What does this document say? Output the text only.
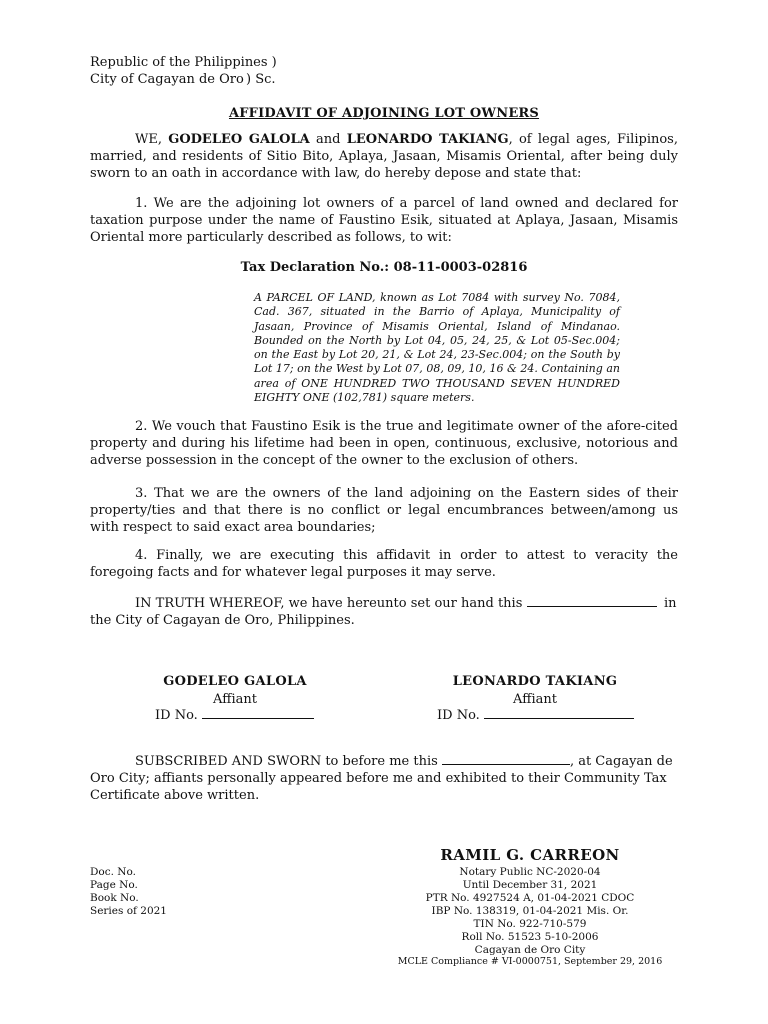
Republic of the Philippines )
City of Cagayan de Oro ) Sc.
AFFIDAVIT OF ADJOINING LOT OWNERS
WE, GODELEO GALOLA and LEONARDO TAKIANG, of legal ages, Filipinos, married, and residents of Sitio Bito, Aplaya, Jasaan, Misamis Oriental, after being duly sworn to an oath in accordance with law, do hereby depose and state that:
1. We are the adjoining lot owners of a parcel of land owned and declared for taxation purpose under the name of Faustino Esik, situated at Aplaya, Jasaan, Misamis Oriental more particularly described as follows, to wit:
Tax Declaration No.: 08-11-0003-02816
A PARCEL OF LAND, known as Lot 7084 with survey No. 7084, Cad. 367, situated in the Barrio of Aplaya, Municipality of Jasaan, Province of Misamis Oriental, Island of Mindanao. Bounded on the North by Lot 04, 05, 24, 25, & Lot 05-Sec.004; on the East by Lot 20, 21, & Lot 24, 23-Sec.004; on the South by Lot 17; on the West by Lot 07, 08, 09, 10, 16 & 24. Containing an area of ONE HUNDRED TWO THOUSAND SEVEN HUNDRED EIGHTY ONE (102,781) square meters.
2. We vouch that Faustino Esik is the true and legitimate owner of the afore-cited property and during his lifetime had been in open, continuous, exclusive, notorious and adverse possession in the concept of the owner to the exclusion of others.
3. That we are the owners of the land adjoining on the Eastern sides of their property/ties and that there is no conflict or legal encumbrances between/among us with respect to said exact area boundaries;
4. Finally, we are executing this affidavit in order to attest to veracity the foregoing facts and for whatever legal purposes it may serve.
IN TRUTH WHEREOF, we have hereunto set our hand this	in
the City of Cagayan de Oro, Philippines.
GODELEO GALOLA
Affiant
ID No.
LEONARDO TAKIANG
Affiant
ID No.
SUBSCRIBED AND SWORN to before me this	, at Cagayan de
Oro City; affiants personally appeared before me and exhibited to their Community Tax Certificate above written.
Doc. No.
Page No.
Book No.
Series of 2021
RAMIL G. CARREON
Notary Public NC-2020-04
Until December 31, 2021
PTR No. 4927524 A, 01-04-2021 CDOC
IBP No. 138319, 01-04-2021 Mis. Or.
TIN No. 922-710-579
Roll No. 51523 5-10-2006
Cagayan de Oro City
MCLE Compliance # VI-0000751, September 29, 2016
